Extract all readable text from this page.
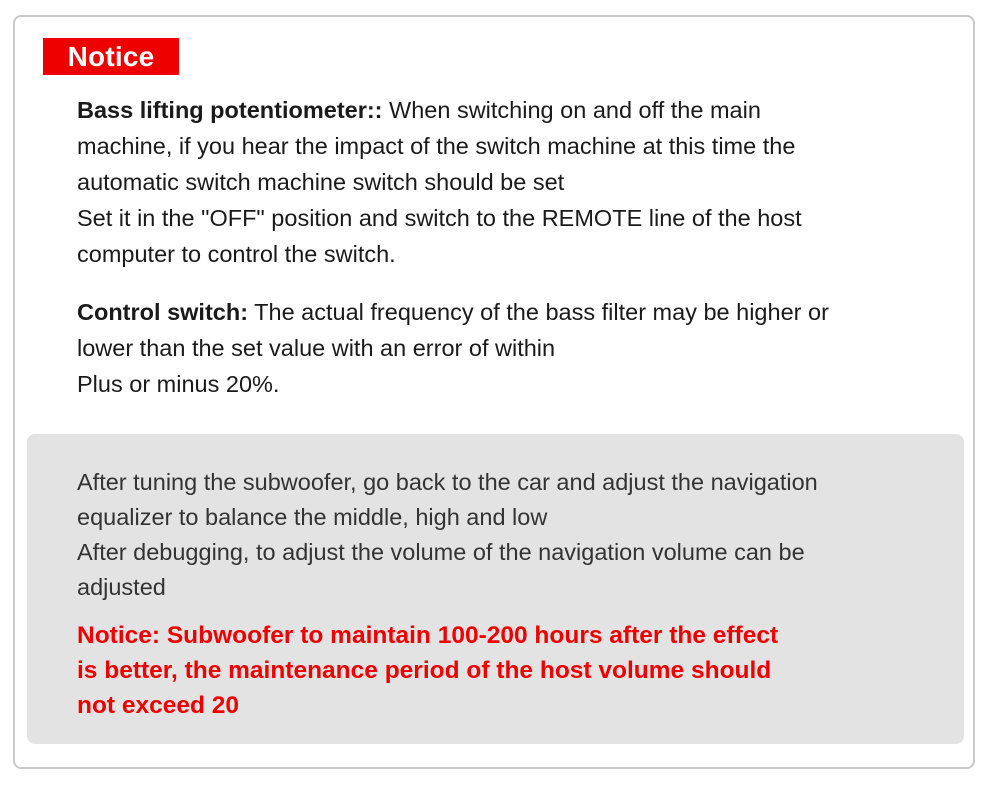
Notice
Bass lifting potentiometer:: When switching on and off the main
machine, if you hear the impact of the switch machine at this time the
automatic switch machine switch should be set
Set it in the "OFF" position and switch to the REMOTE line of the host
computer to control the switch.
Control switch: The actual frequency of the bass filter may be higher or
lower than the set value with an error of within
Plus or minus 20%.
After tuning the subwoofer, go back to the car and adjust the navigation
equalizer to balance the middle, high and low
After debugging, to adjust the volume of the navigation volume can be
adjusted
Notice: Subwoofer to maintain 100-200 hours after the effect
is better, the maintenance period of the host volume should
not exceed 20
